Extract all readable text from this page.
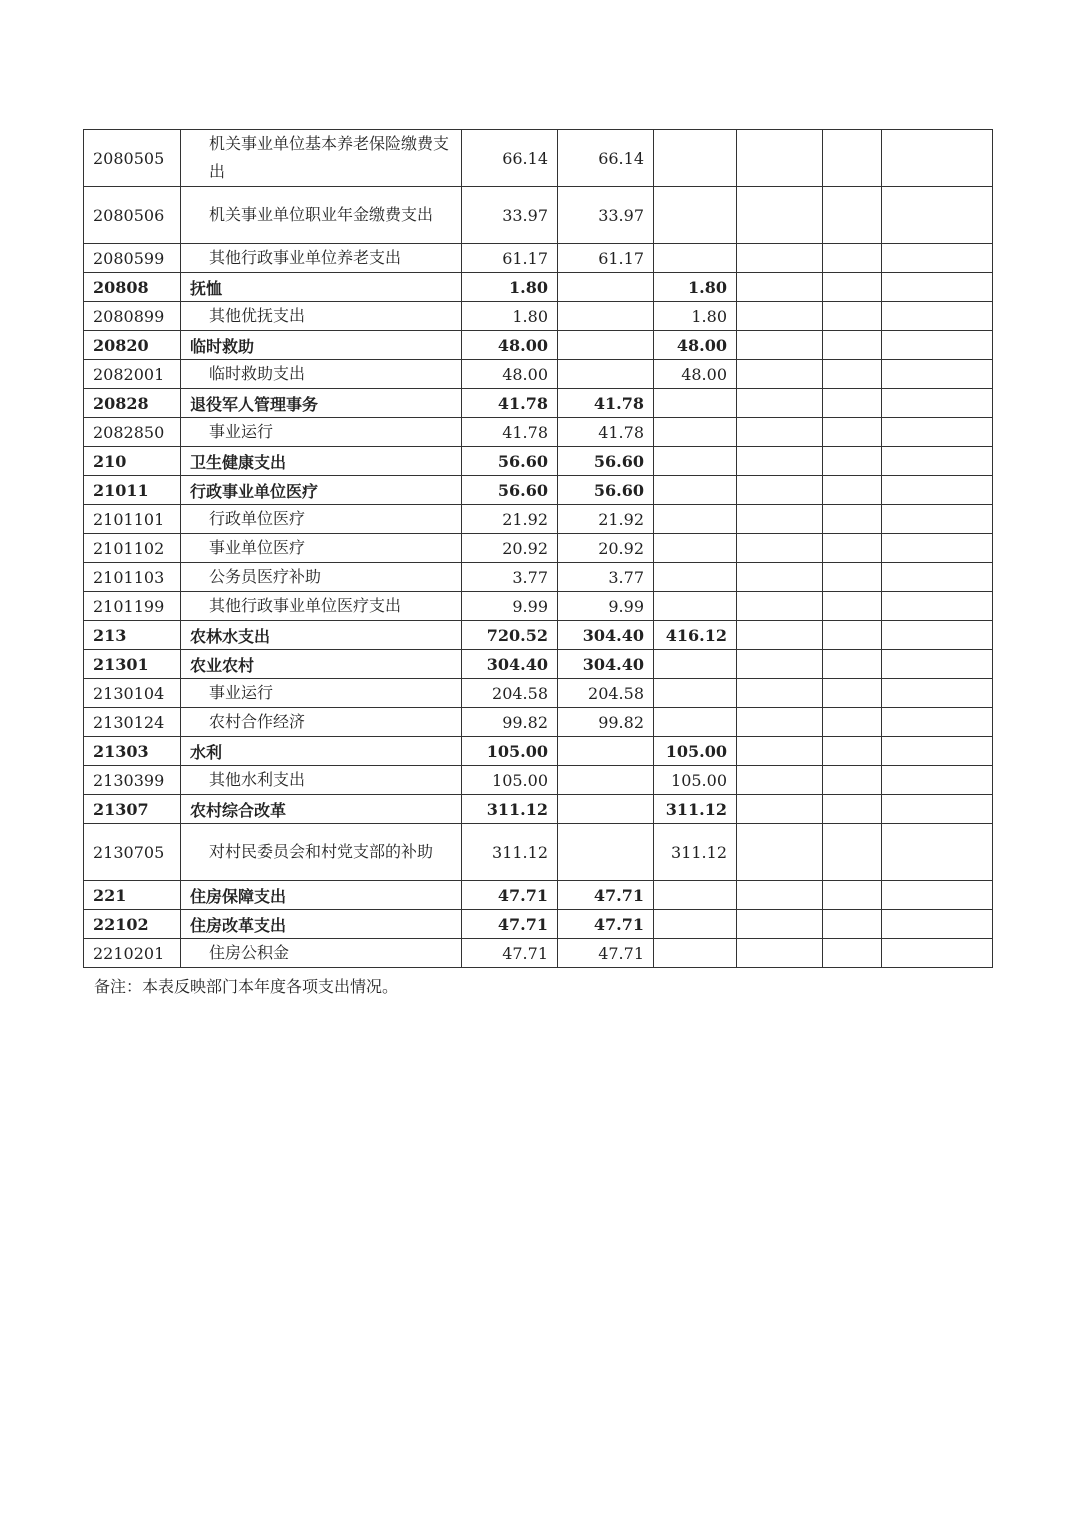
2080505	机关事业单位基本养老保险缴费支出	66.14	66.14				
2080506	机关事业单位职业年金缴费支出	33.97	33.97				
2080599	其他行政事业单位养老支出	61.17	61.17				
20808	抚恤	1.80		1.80			
2080899	其他优抚支出	1.80		1.80			
20820	临时救助	48.00		48.00			
2082001	临时救助支出	48.00		48.00			
20828	退役军人管理事务	41.78	41.78				
2082850	事业运行	41.78	41.78				
210	卫生健康支出	56.60	56.60				
21011	行政事业单位医疗	56.60	56.60				
2101101	行政单位医疗	21.92	21.92				
2101102	事业单位医疗	20.92	20.92				
2101103	公务员医疗补助	3.77	3.77				
2101199	其他行政事业单位医疗支出	9.99	9.99				
213	农林水支出	720.52	304.40	416.12			
21301	农业农村	304.40	304.40				
2130104	事业运行	204.58	204.58				
2130124	农村合作经济	99.82	99.82				
21303	水利	105.00		105.00			
2130399	其他水利支出	105.00		105.00			
21307	农村综合改革	311.12		311.12			
2130705	对村民委员会和村党支部的补助	311.12		311.12			
221	住房保障支出	47.71	47.71				
22102	住房改革支出	47.71	47.71				
2210201	住房公积金	47.71	47.71				
备注：本表反映部门本年度各项支出情况。
